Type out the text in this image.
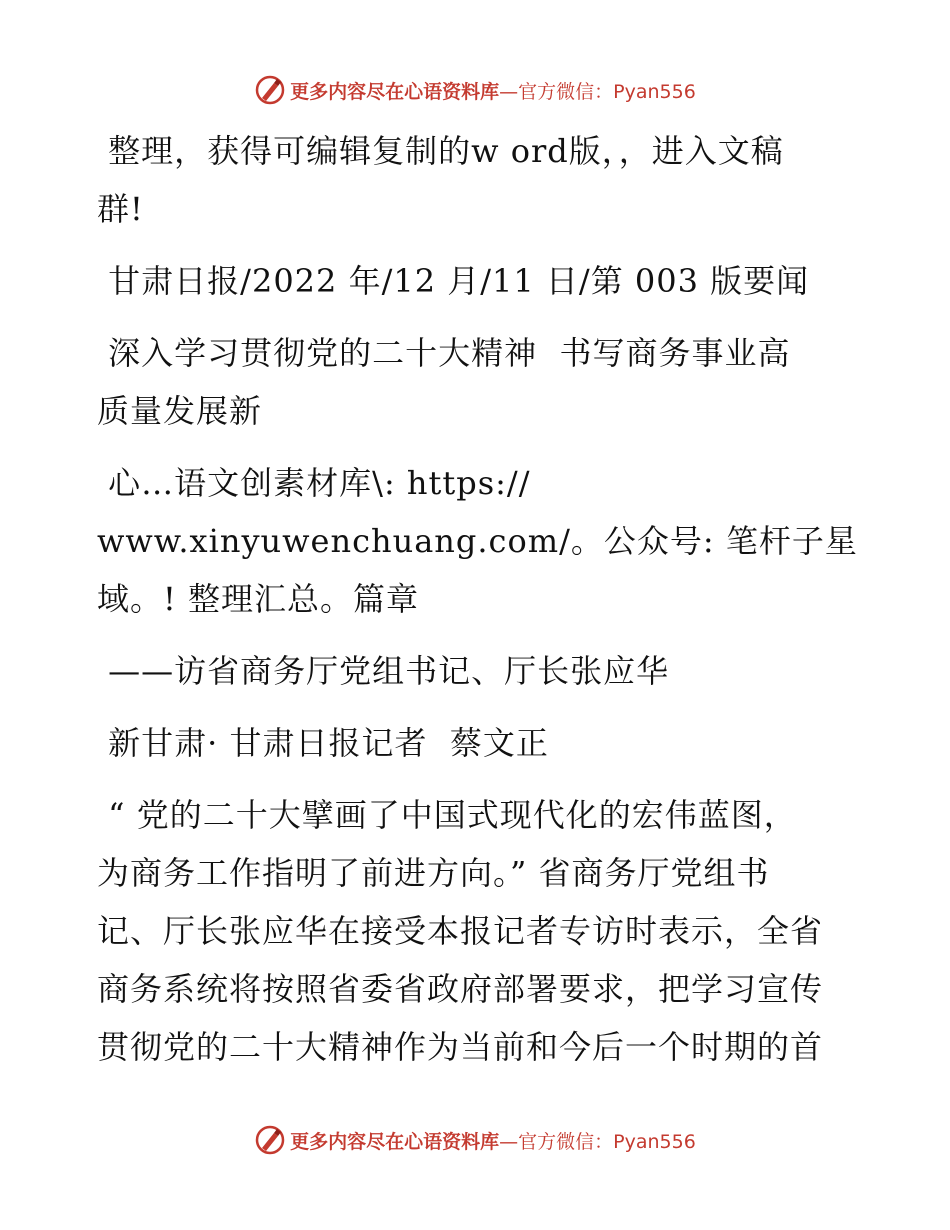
更多内容尽在心语资料库—官方微信：Pyan556
整理，获得可编辑复制的w ord版，，进入文稿
群!
甘肃日报/2022 年/12 月/11 日/第 003 版要闻
深入学习贯彻党的二十大精神  书写商务事业高
质量发展新
心…语文创素材库\: https://
www.xinyuwenchuang.com/。公众号: 笔杆子星
域。! 整理汇总。篇章
——访省商务厅党组书记、厅长张应华
新甘肃· 甘肃日报记者  蔡文正
“ 党的二十大擘画了中国式现代化的宏伟蓝图，
为商务工作指明了前进方向。” 省商务厅党组书
记、厅长张应华在接受本报记者专访时表示，全省
商务系统将按照省委省政府部署要求，把学习宣传
贯彻党的二十大精神作为当前和今后一个时期的首
更多内容尽在心语资料库—官方微信：Pyan556
